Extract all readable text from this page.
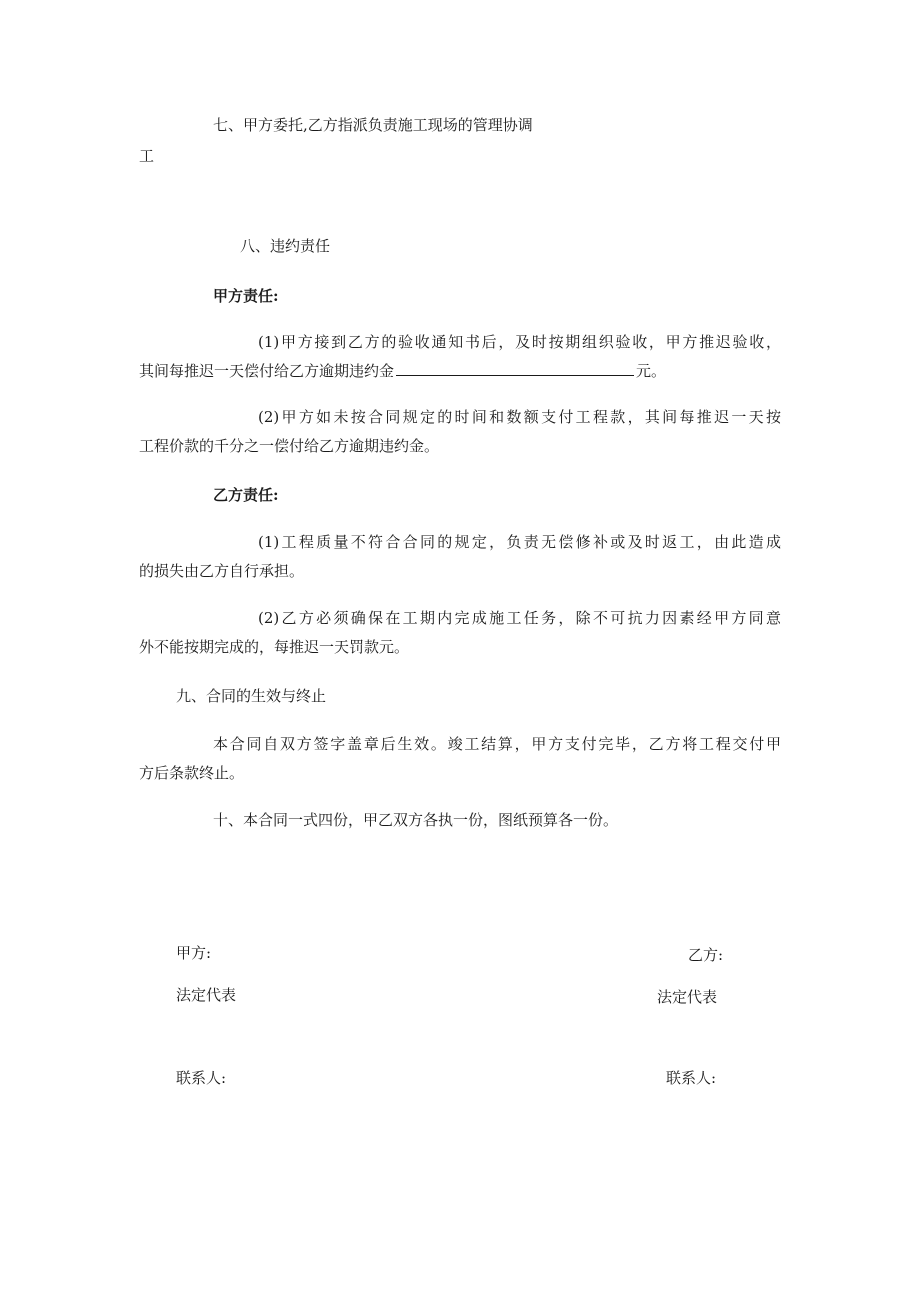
七、甲方委托,乙方指派负责施工现场的管理协调
工
八、违约责任
甲方责任:
(1)甲方接到乙方的验收通知书后，及时按期组织验收，甲方推迟验收，
其间每推迟一天偿付给乙方逾期违约金	元。
(2)甲方如未按合同规定的时间和数额支付工程款，其间每推迟一天按
工程价款的千分之一偿付给乙方逾期违约金。
乙方责任:
(1)工程质量不符合合同的规定，负责无偿修补或及时返工，由此造成
的损失由乙方自行承担。
(2)乙方必须确保在工期内完成施工任务，除不可抗力因素经甲方同意
外不能按期完成的，每推迟一天罚款元。
九、合同的生效与终止
本合同自双方签字盖章后生效。竣工结算，甲方支付完毕，乙方将工程交付甲
方后条款终止。
十、本合同一式四份，甲乙双方各执一份，图纸预算各一份。
甲方:	乙方:
法定代表	法定代表
联系人:	联系人:
